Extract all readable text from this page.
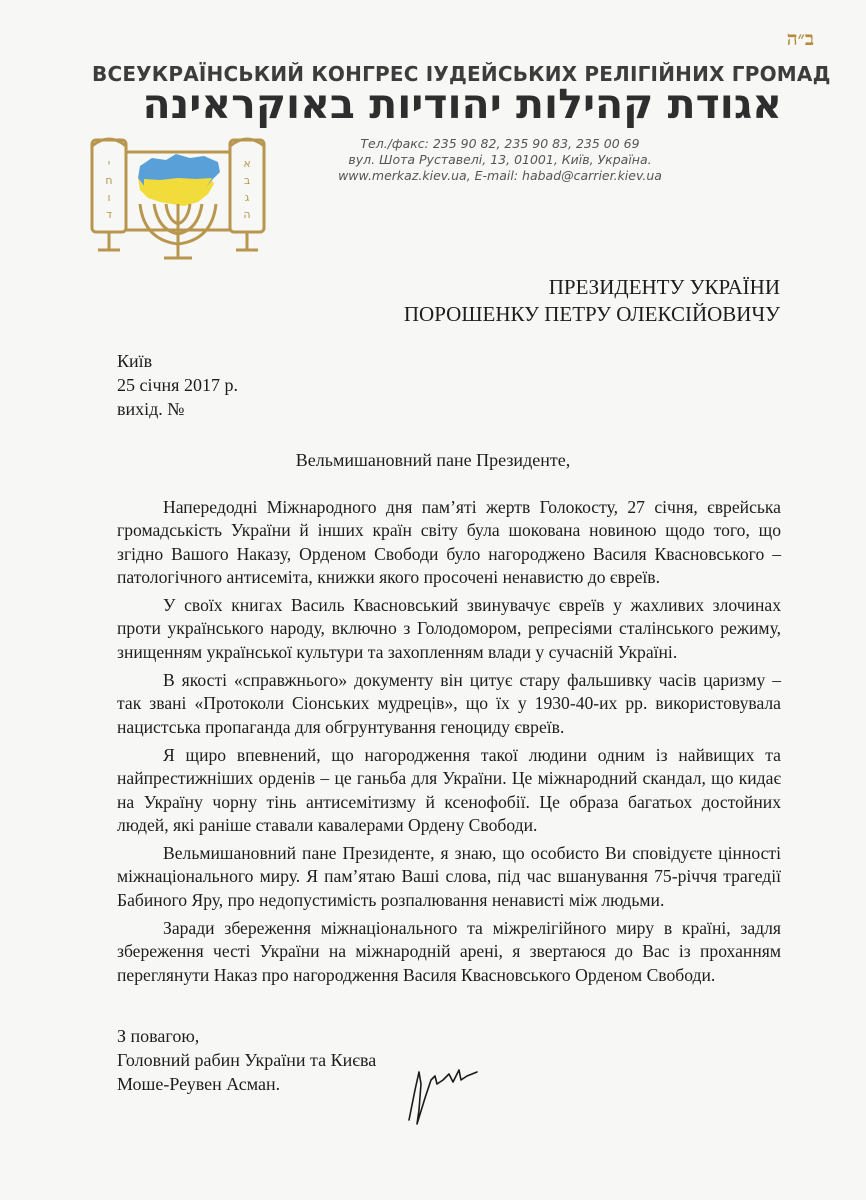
ב״ה
ВСЕУКРАЇНСЬКИЙ КОНГРЕС ІУДЕЙСЬКИХ РЕЛІГІЙНИХ ГРОМАД
אגודת קהילות יהודיות באוקראינה
י
ח
ו
ד
א
ב
ג
ה
Тел./факс: 235 90 82, 235 90 83, 235 00 69
вул. Шота Руставелі, 13, 01001, Київ, Україна.
www.merkaz.kiev.ua, E-mail: habad@carrier.kiev.ua
ПРЕЗИДЕНТУ УКРАЇНИ
ПОРОШЕНКУ ПЕТРУ ОЛЕКСІЙОВИЧУ
Київ
25 січня 2017 р.
вихід. №
Вельмишановний пане Президенте,

Напередодні Міжнародного дня пам’яті жертв Голокосту, 27 січня, єврейська громадськість України й інших країн світу була шокована новиною щодо того, що згідно Вашого Наказу, Орденом Свободи було нагороджено Василя Квасновського – патологічного антисеміта, книжки якого просочені ненавистю до євреїв.

У своїх книгах Василь Квасновський звинувачує євреїв у жахливих злочинах проти українського народу, включно з Голодомором, репресіями сталінського режиму, знищенням української культури та захопленням влади у сучасній Україні.

В якості «справжнього» документу він цитує стару фальшивку часів царизму – так звані «Протоколи Сіонських мудреців», що їх у 1930-40-их рр. використовувала нацистська пропаганда для обгрунтування геноциду євреїв.

Я щиро впевнений, що нагородження такої людини одним із найвищих та найпрестижніших орденів – це ганьба для України. Це міжнародний скандал, що кидає на Україну чорну тінь антисемітизму й ксенофобії. Це образа багатьох достойних людей, які раніше ставали кавалерами Ордену Свободи.

Вельмишановний пане Президенте, я знаю, що особисто Ви сповідуєте цінності міжнаціонального миру. Я пам’ятаю Ваші слова, під час вшанування 75-річчя трагедії Бабиного Яру, про недопустимість розпалювання ненависті між людьми.

Заради збереження міжнаціонального та міжрелігійного миру в країні, задля збереження честі України на міжнародній арені, я звертаюся до Вас із проханням переглянути Наказ про нагородження Василя Квасновського Орденом Свободи.

З повагою,
Головний рабин України та Києва
Моше-Реувен Асман.
